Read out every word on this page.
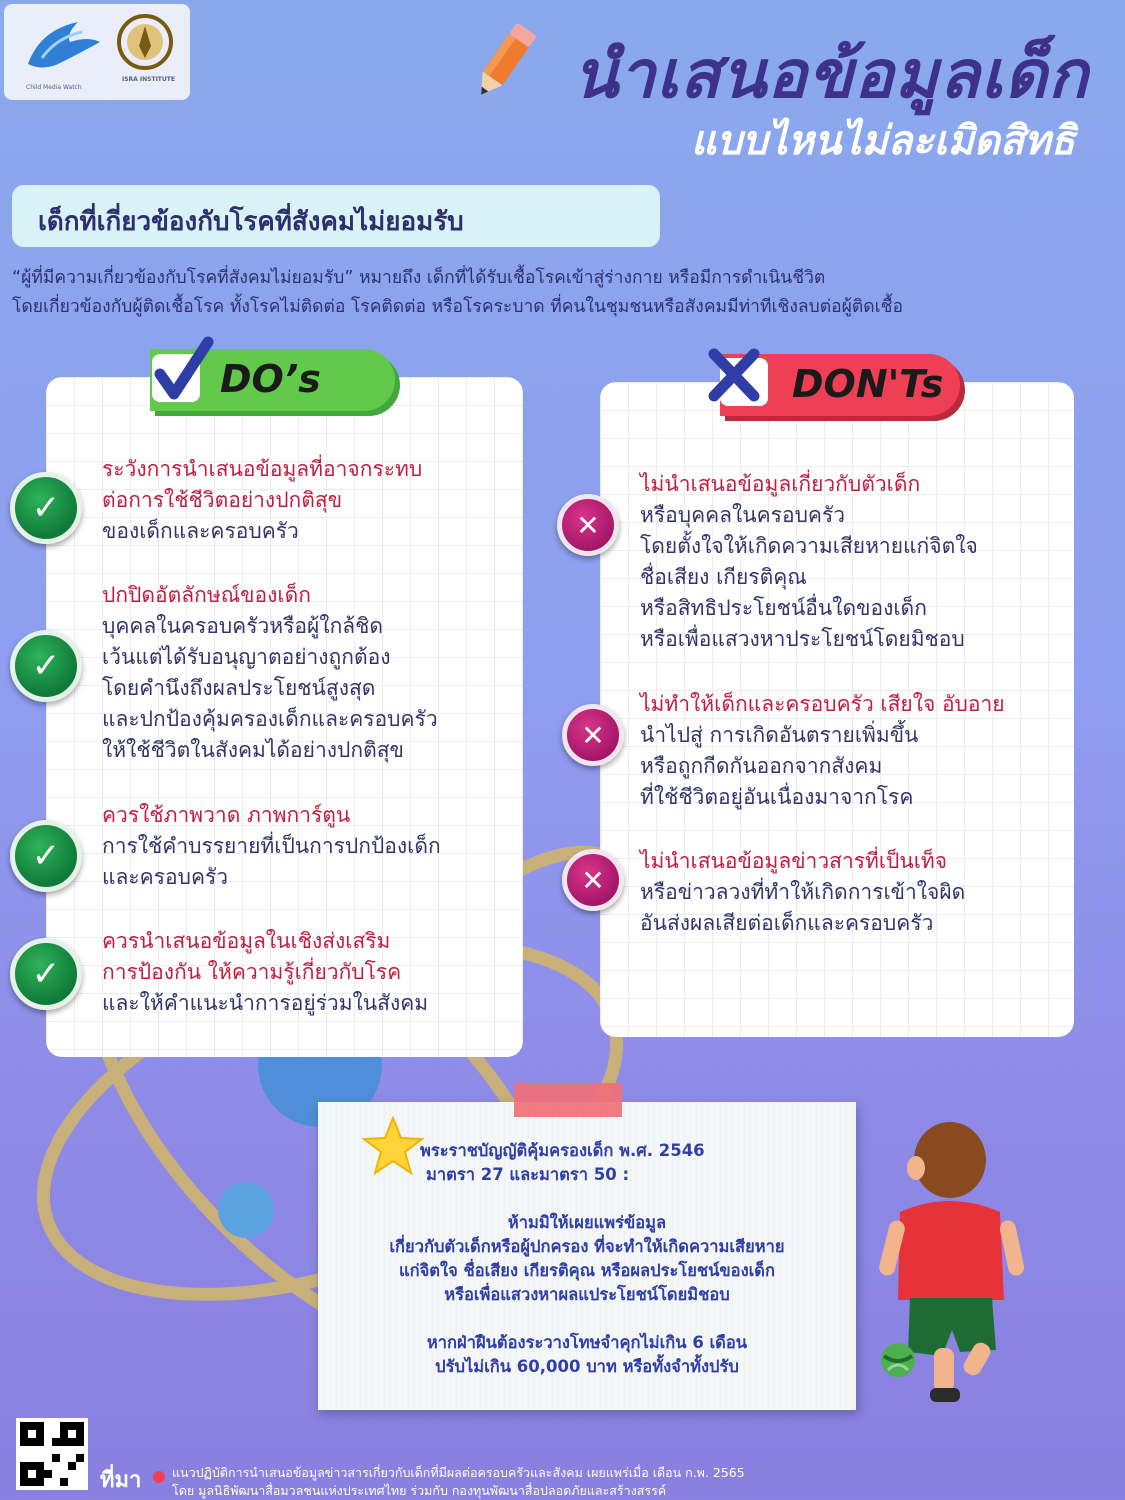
Child Media Watch
ISRA INSTITUTE	นำเสนอข้อมูลเด็ก
แบบไหนไม่ละเมิดสิทธิ
เด็กที่เกี่ยวข้องกับโรคที่สังคมไม่ยอมรับ
“ผู้ที่มีความเกี่ยวข้องกับโรคที่สังคมไม่ยอมรับ” หมายถึง เด็กที่ได้รับเชื้อโรคเข้าสู่ร่างกาย หรือมีการดำเนินชีวิต
โดยเกี่ยวข้องกับผู้ติดเชื้อโรค ทั้งโรคไม่ติดต่อ โรคติดต่อ หรือโรคระบาด ที่คนในชุมชนหรือสังคมมีท่าทีเชิงลบต่อผู้ติดเชื้อ
DO’s
✓
ระวังการนำเสนอข้อมูลที่อาจกระทบ
ต่อการใช้ชีวิตอย่างปกติสุข
ของเด็กและครอบครัว
✓
ปกปิดอัตลักษณ์ของเด็ก
บุคคลในครอบครัวหรือผู้ใกล้ชิด
เว้นแต่ได้รับอนุญาตอย่างถูกต้อง
โดยคำนึงถึงผลประโยชน์สูงสุด
และปกป้องคุ้มครองเด็กและครอบครัว
ให้ใช้ชีวิตในสังคมได้อย่างปกติสุข
✓
ควรใช้ภาพวาด ภาพการ์ตูน
การใช้คำบรรยายที่เป็นการปกป้องเด็ก
และครอบครัว
✓
ควรนำเสนอข้อมูลในเชิงส่งเสริม
การป้องกัน ให้ความรู้เกี่ยวกับโรค
และให้คำแนะนำการอยู่ร่วมในสังคม
DON'Ts
✕
ไม่นำเสนอข้อมูลเกี่ยวกับตัวเด็ก
หรือบุคคลในครอบครัว
โดยตั้งใจให้เกิดความเสียหายแก่จิตใจ
ชื่อเสียง เกียรติคุณ
หรือสิทธิประโยชน์อื่นใดของเด็ก
หรือเพื่อแสวงหาประโยชน์โดยมิชอบ
✕
ไม่ทำให้เด็กและครอบครัว เสียใจ อับอาย
นำไปสู่ การเกิดอันตรายเพิ่มขึ้น
หรือถูกกีดกันออกจากสังคม
ที่ใช้ชีวิตอยู่อันเนื่องมาจากโรค
✕
ไม่นำเสนอข้อมูลข่าวสารที่เป็นเท็จ
หรือข่าวลวงที่ทำให้เกิดการเข้าใจผิด
อันส่งผลเสียต่อเด็กและครอบครัว
พระราชบัญญัติคุ้มครองเด็ก พ.ศ. 2546
มาตรา 27 และมาตรา 50 :
ห้ามมิให้เผยแพร่ข้อมูล
เกี่ยวกับตัวเด็กหรือผู้ปกครอง ที่จะทำให้เกิดความเสียหาย
แก่จิตใจ ชื่อเสียง เกียรติคุณ หรือผลประโยชน์ของเด็ก
หรือเพื่อแสวงหาผลแประโยชน์โดยมิชอบ
หากฝ่าฝืนต้องระวางโทษจำคุกไม่เกิน 6 เดือน
ปรับไม่เกิน 60,000 บาท หรือทั้งจำทั้งปรับ
ที่มา แนวปฏิบัติการนำเสนอข้อมูลข่าวสารเกี่ยวกับเด็กที่มีผลต่อครอบครัวและสังคม เผยแพร่เมื่อ เดือน ก.พ. 2565
โดย มูลนิธิพัฒนาสื่อมวลชนแห่งประเทศไทย ร่วมกับ กองทุนพัฒนาสื่อปลอดภัยและสร้างสรรค์
